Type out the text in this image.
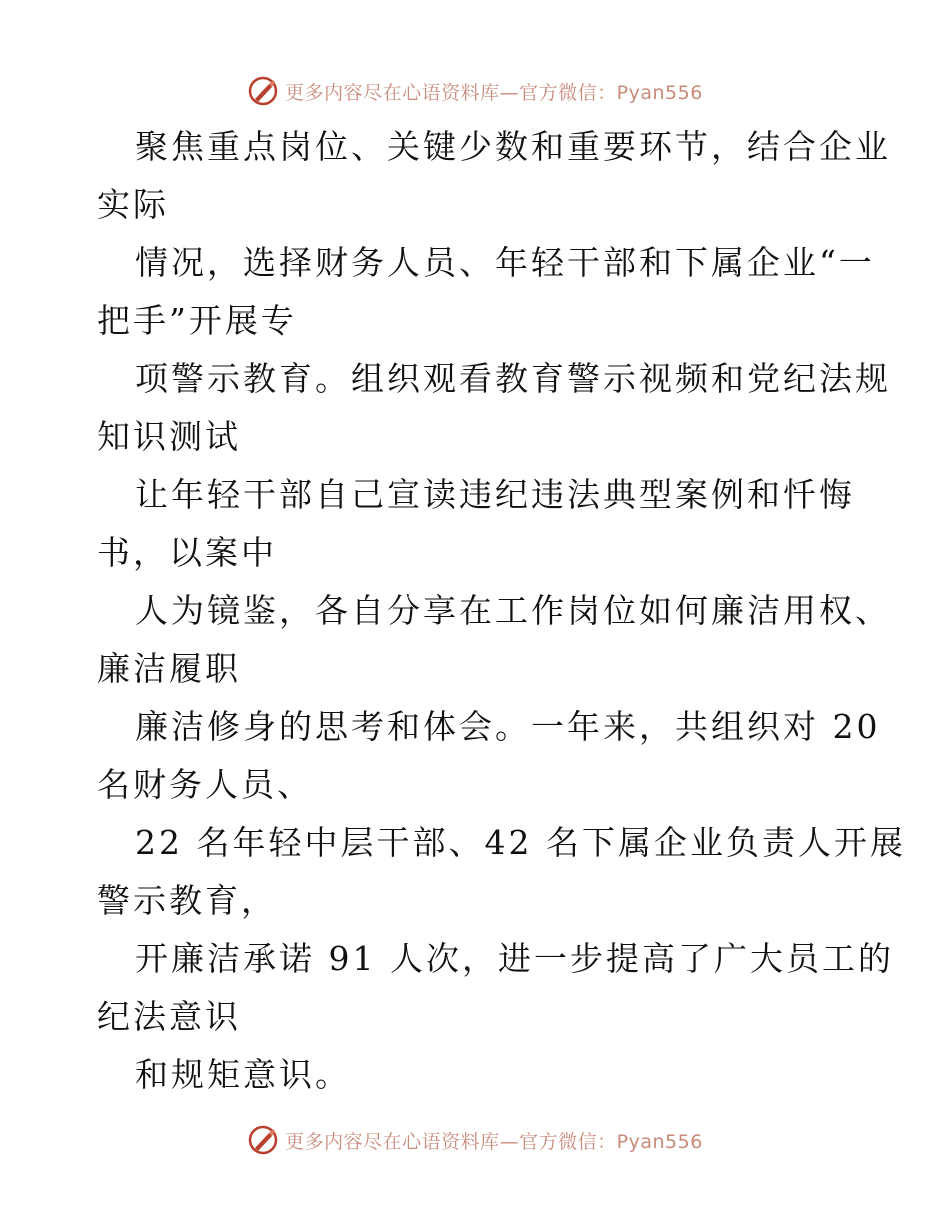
更多内容尽在心语资料库—官方微信：Pyan556
聚焦重点岗位、关键少数和重要环节，结合企业
实际
情况，选择财务人员、年轻干部和下属企业“一
把手”开展专
项警示教育。组织观看教育警示视频和党纪法规
知识测试
让年轻干部自己宣读违纪违法典型案例和忏悔
书，以案中
人为镜鉴，各自分享在工作岗位如何廉洁用权、
廉洁履职
廉洁修身的思考和体会。一年来，共组织对 20
名财务人员、
22 名年轻中层干部、42 名下属企业负责人开展
警示教育，
开廉洁承诺 91 人次，进一步提高了广大员工的
纪法意识
和规矩意识。
更多内容尽在心语资料库—官方微信：Pyan556
